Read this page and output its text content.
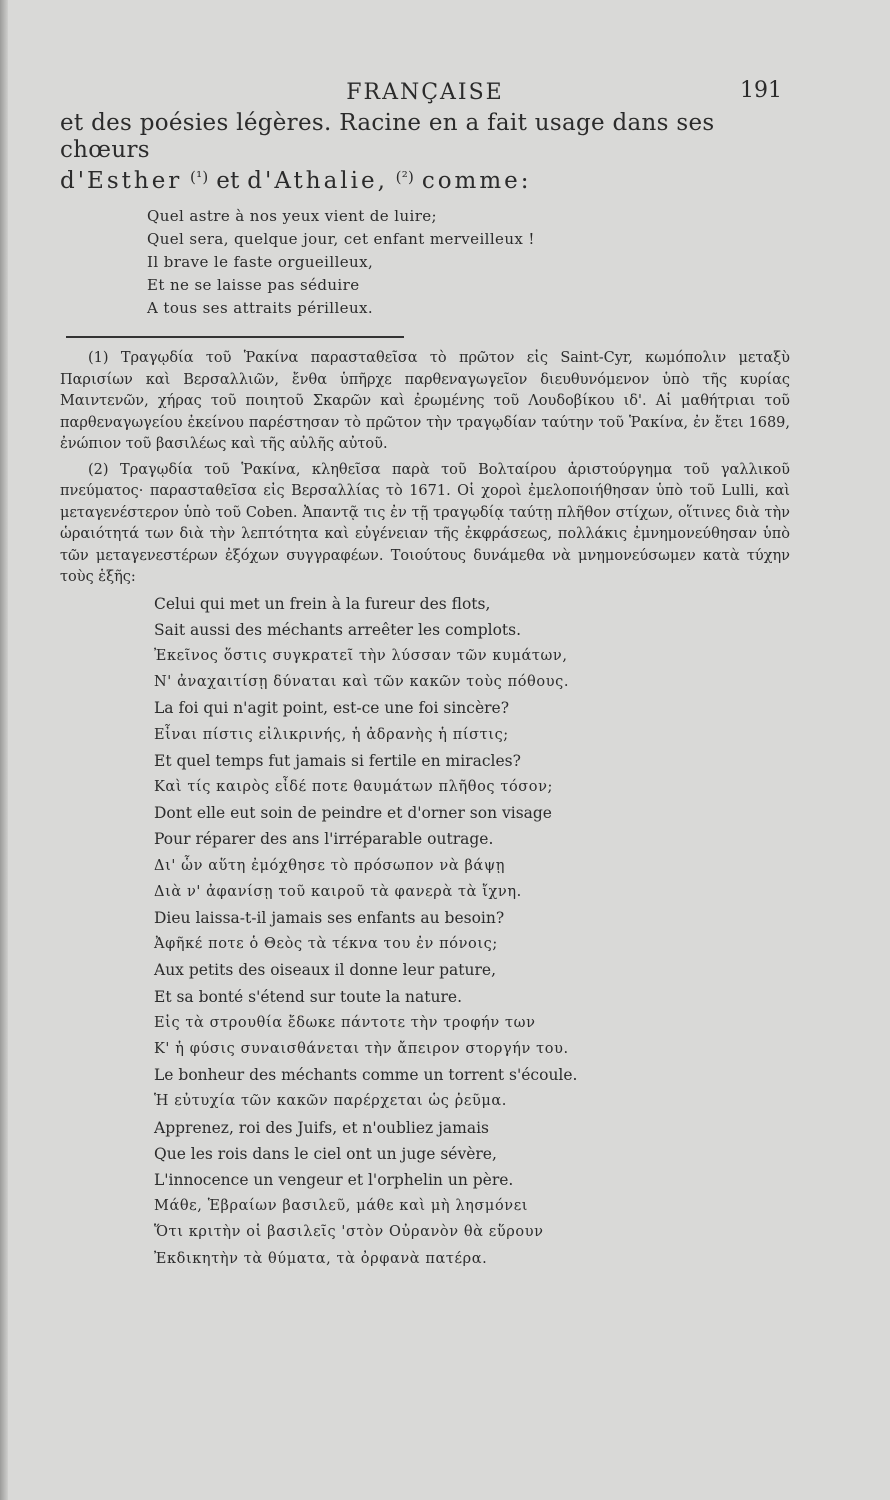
FRANÇAISE	191
et des poésies légères. Racine en a fait usage dans ses chœurs
d'Esther $^{(^1)}$ et d'Athalie, $^{(^2)}$ comme:
Quel astre à nos yeux vient de luire;
Quel sera, quelque jour, cet enfant merveilleux !
Il brave le faste orgueilleux,
Et ne se laisse pas séduire
A tous ses attraits périlleux.

(1) Τραγῳδία τοῦ Ῥακίνα παρασταθεῖσα τὸ πρῶτον εἰς Saint-Cyr, κωμόπολιν μεταξὺ Παρισίων καὶ Βερσαλλιῶν, ἔνθα ὑπῆρχε παρθεναγωγεῖον διευθυνόμενον ὑπὸ τῆς κυρίας Μαιντενῶν, χήρας τοῦ ποιητοῦ Σκαρῶν καὶ ἐρωμένης τοῦ Λουδοβίκου ιδ'. Αἱ μαθήτριαι τοῦ παρθεναγωγείου ἐκείνου παρέστησαν τὸ πρῶτον τὴν τραγῳδίαν ταύτην τοῦ Ῥακίνα, ἐν ἔτει 1689, ἐνώπιον τοῦ βασιλέως καὶ τῆς αὐλῆς αὐτοῦ.

(2) Τραγῳδία τοῦ Ῥακίνα, κληθεῖσα παρὰ τοῦ Βολταίρου ἀριστούργημα τοῦ γαλλικοῦ πνεύματος· παρασταθεῖσα εἰς Βερσαλλίας τὸ 1671. Οἱ χοροὶ ἐμελοποιήθησαν ὑπὸ τοῦ Lulli, καὶ μεταγενέστερον ὑπὸ τοῦ Coben. Ἀπαντᾷ τις ἐν τῇ τραγῳδίᾳ ταύτῃ πλῆθον στίχων, οἵτινες διὰ τὴν ὡραιότητά των διὰ τὴν λεπτότητα καὶ εὐγένειαν τῆς ἐκφράσεως, πολλάκις ἐμνημονεύθησαν ὑπὸ τῶν μεταγενεστέρων ἐξόχων συγγραφέων. Τοιούτους δυνάμεθα νὰ μνημονεύσωμεν κατὰ τύχην τοὺς ἑξῆς:

Celui qui met un frein à la fureur des flots,
Sait aussi des méchants arreêter les complots.
Ἐκεῖνος ὅστις συγκρατεῖ τὴν λύσσαν τῶν κυμάτων,
N' ἀναχαιτίσῃ δύναται καὶ τῶν κακῶν τοὺς πόθους.
La foi qui n'agit point, est-ce une foi sincère?
Εἶναι πίστις εἰλικρινής, ἡ ἀδρανὴς ἡ πίστις;
Et quel temps fut jamais si fertile en miracles?
Καὶ τίς καιρὸς εἶδέ ποτε θαυμάτων πλῆθος τόσον;
Dont elle eut soin de peindre et d'orner son visage
Pour réparer des ans l'irréparable outrage.
Δι' ὧν αὕτη ἐμόχθησε τὸ πρόσωπον νὰ βάψῃ
Διὰ ν' ἀφανίσῃ τοῦ καιροῦ τὰ φανερὰ τὰ ἴχνη.
Dieu laissa-t-il jamais ses enfants au besoin?
Ἀφῆκέ ποτε ὁ Θεὸς τὰ τέκνα του ἐν πόνοις;
Aux petits des oiseaux il donne leur pature,
Et sa bonté s'étend sur toute la nature.
Εἰς τὰ στρουθία ἔδωκε πάντοτε τὴν τροφήν των
Κ' ἡ φύσις συναισθάνεται τὴν ἄπειρον στοργήν του.
Le bonheur des méchants comme un torrent s'écoule.
Ἡ εὐτυχία τῶν κακῶν παρέρχεται ὡς ῥεῦμα.
Apprenez, roi des Juifs, et n'oubliez jamais
Que les rois dans le ciel ont un juge sévère,
L'innocence un vengeur et l'orphelin un père.
Μάθε, Ἑβραίων βασιλεῦ, μάθε καὶ μὴ λησμόνει
Ὅτι κριτὴν οἱ βασιλεῖς 'στὸν Οὐρανὸν θὰ εὕρουν
Ἐκδικητὴν τὰ θύματα, τὰ ὀρφανὰ πατέρα.
